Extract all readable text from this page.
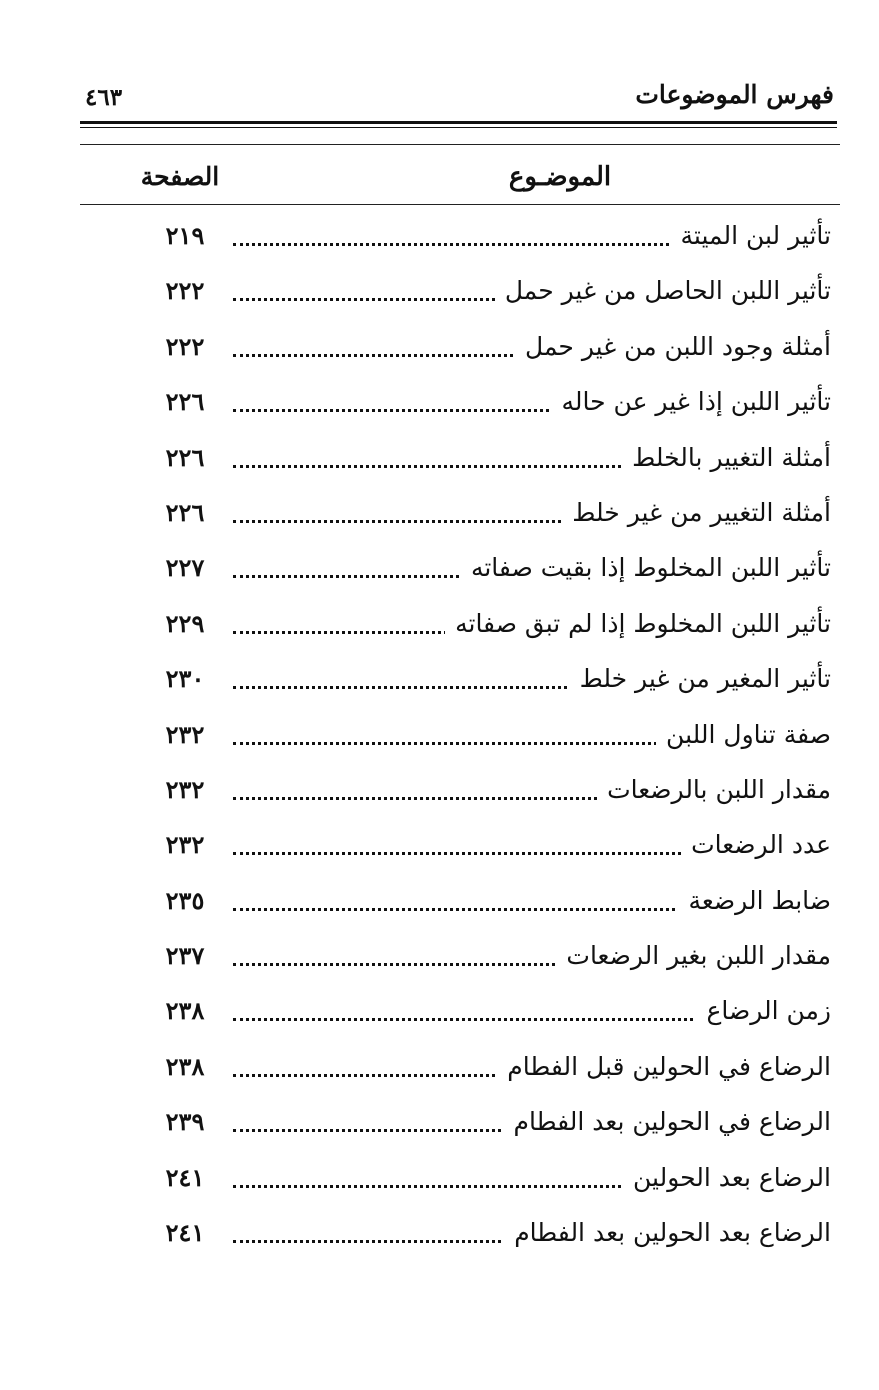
فهرس الموضوعات
٤٦٣
الموضـوع
الصفحة
تأثير لبن الميتة
٢١٩
تأثير اللبن الحاصل من غير حمل
٢٢٢
أمثلة وجود اللبن من غير حمل
٢٢٢
تأثير اللبن إذا غير عن حاله
٢٢٦
أمثلة التغيير بالخلط
٢٢٦
أمثلة التغيير من غير خلط
٢٢٦
تأثير اللبن المخلوط إذا بقيت صفاته
٢٢٧
تأثير اللبن المخلوط إذا لم تبق صفاته
٢٢٩
تأثير المغير من غير خلط
٢٣٠
صفة تناول اللبن
٢٣٢
مقدار اللبن بالرضعات
٢٣٢
عدد الرضعات
٢٣٢
ضابط الرضعة
٢٣٥
مقدار اللبن بغير الرضعات
٢٣٧
زمن الرضاع
٢٣٨
الرضاع في الحولين قبل الفطام
٢٣٨
الرضاع في الحولين بعد الفطام
٢٣٩
الرضاع بعد الحولين
٢٤١
الرضاع بعد الحولين بعد الفطام
٢٤١
